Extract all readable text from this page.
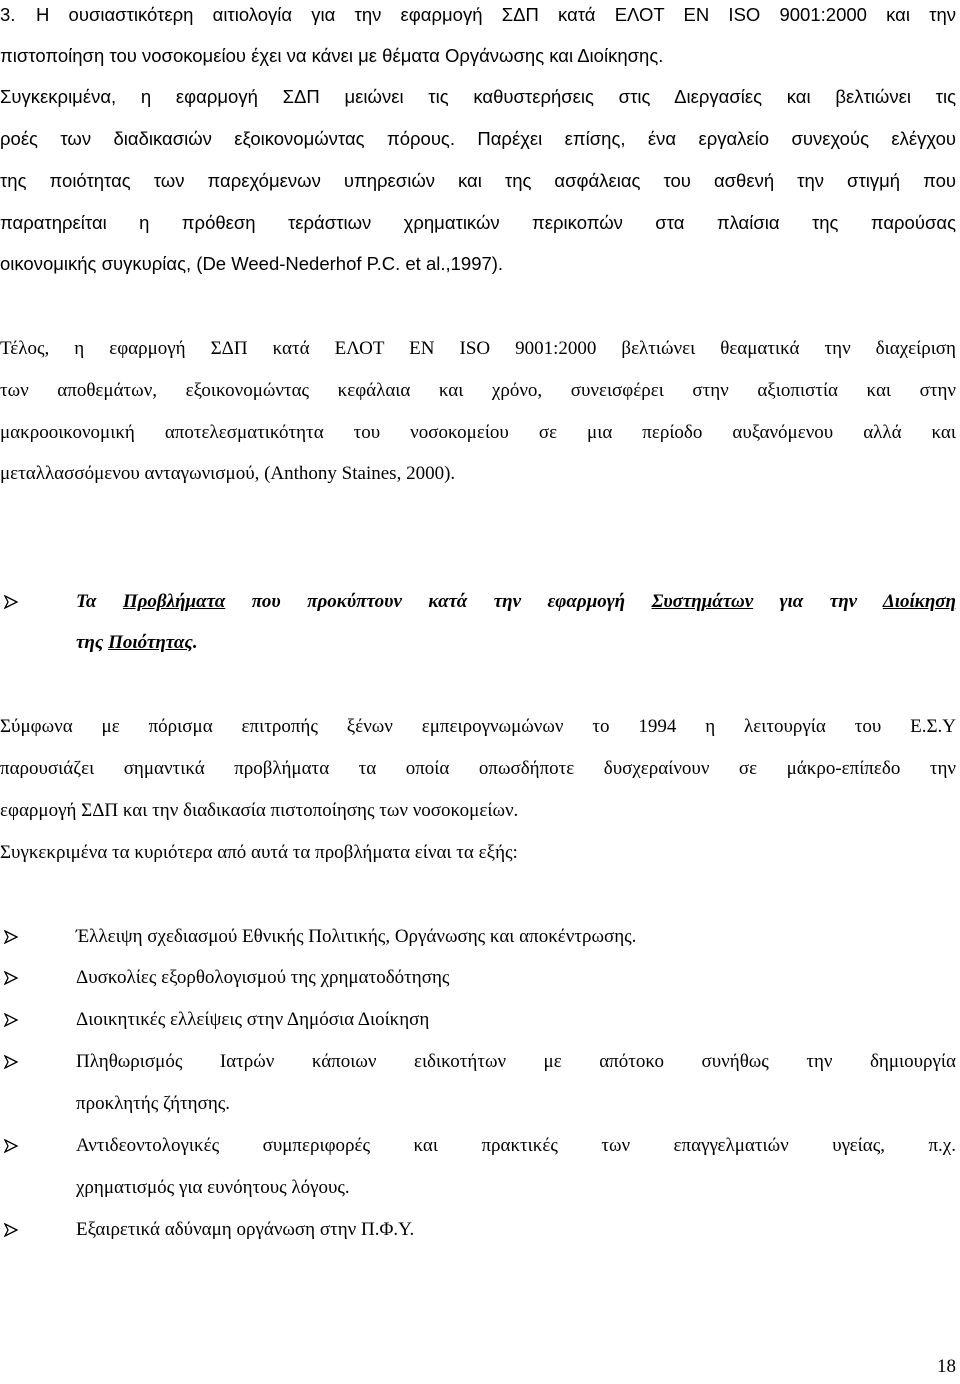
3. Η ουσιαστικότερη αιτιολογία για την εφαρμογή ΣΔΠ κατά ΕΛΟΤ ΕΝ ISO 9001:2000 και την
πιστοποίηση του νοσοκομείου έχει να κάνει με θέματα Οργάνωσης και Διοίκησης.
Συγκεκριμένα, η εφαρμογή ΣΔΠ μειώνει τις καθυστερήσεις στις Διεργασίες και βελτιώνει τις
ροές των διαδικασιών εξοικονομώντας πόρους. Παρέχει επίσης, ένα εργαλείο συνεχούς ελέγχου
της ποιότητας των παρεχόμενων υπηρεσιών και της ασφάλειας του ασθενή την στιγμή που
παρατηρείται η πρόθεση τεράστιων χρηματικών περικοπών στα πλαίσια της παρούσας
οικονομικής συγκυρίας, (De Weed-Nederhof P.C. et al.,1997).
Τέλος, η εφαρμογή ΣΔΠ κατά ΕΛΟΤ ΕΝ ISO 9001:2000 βελτιώνει θεαματικά την διαχείριση
των αποθεμάτων, εξοικονομώντας κεφάλαια και χρόνο, συνεισφέρει στην αξιοπιστία και στην
μακροοικονομική αποτελεσματικότητα του νοσοκομείου σε μια περίοδο αυξανόμενου αλλά και
μεταλλασσόμενου ανταγωνισμού, (Anthony Staines, 2000).
Τα Προβλήματα που προκύπτουν κατά την εφαρμογή Συστημάτων για την Διοίκηση
της Ποιότητας.
Σύμφωνα με πόρισμα επιτροπής ξένων εμπειρογνωμώνων το 1994 η λειτουργία του Ε.Σ.Υ
παρουσιάζει σημαντικά προβλήματα τα οποία οπωσδήποτε δυσχεραίνουν σε μάκρο-επίπεδο την
εφαρμογή ΣΔΠ και την διαδικασία πιστοποίησης των νοσοκομείων.
Συγκεκριμένα τα κυριότερα από αυτά τα προβλήματα είναι τα εξής:
Έλλειψη σχεδιασμού Εθνικής Πολιτικής, Οργάνωσης και αποκέντρωσης.
Δυσκολίες εξορθολογισμού της χρηματοδότησης
Διοικητικές ελλείψεις στην Δημόσια Διοίκηση
Πληθωρισμός Ιατρών κάποιων ειδικοτήτων με απότοκο συνήθως την δημιουργία
προκλητής ζήτησης.
Αντιδεοντολογικές συμπεριφορές και πρακτικές των επαγγελματιών υγείας, π.χ.
χρηματισμός για ευνόητους λόγους.
Εξαιρετικά αδύναμη οργάνωση στην Π.Φ.Υ.
18
